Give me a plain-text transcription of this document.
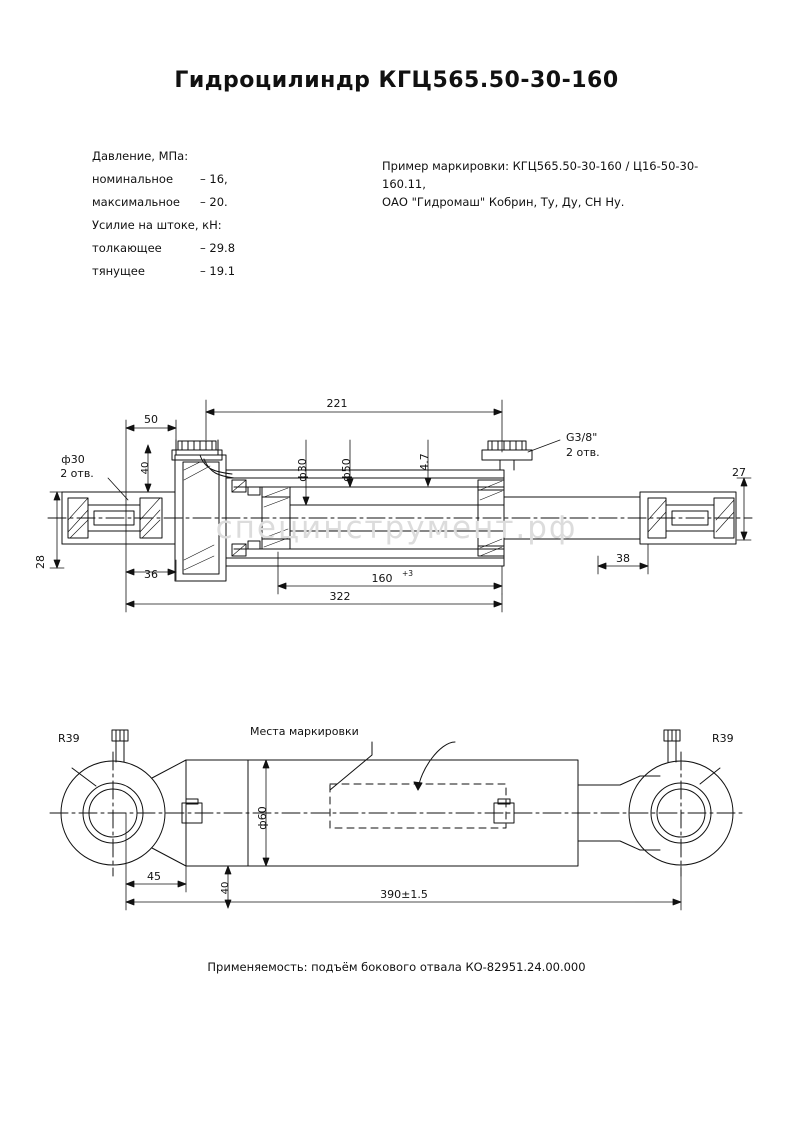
Гидроцилиндр КГЦ565.50-30-160
Давление, МПа:
номинальное	– 16,
максимальное	– 20.
Усилие на штоке, кН:
толкающее	– 29.8
тянущее	– 19.1
Пример маркировки: КГЦ565.50-30-160 / Ц16-50-30-160.11,
ОАО "Гидромаш" Кобрин, Ту, Ду, СН Ну.
221
50
40
ф30
2 отв.	ф30	ф50	4.7
G3/8"
2 отв.
27
28
36
38
160 +3
322
R39	R39
Места маркировки
ф60
45
40	390±1.5
специнструмент.рф
Применяемость: подъём бокового отвала КО-82951.24.00.000
